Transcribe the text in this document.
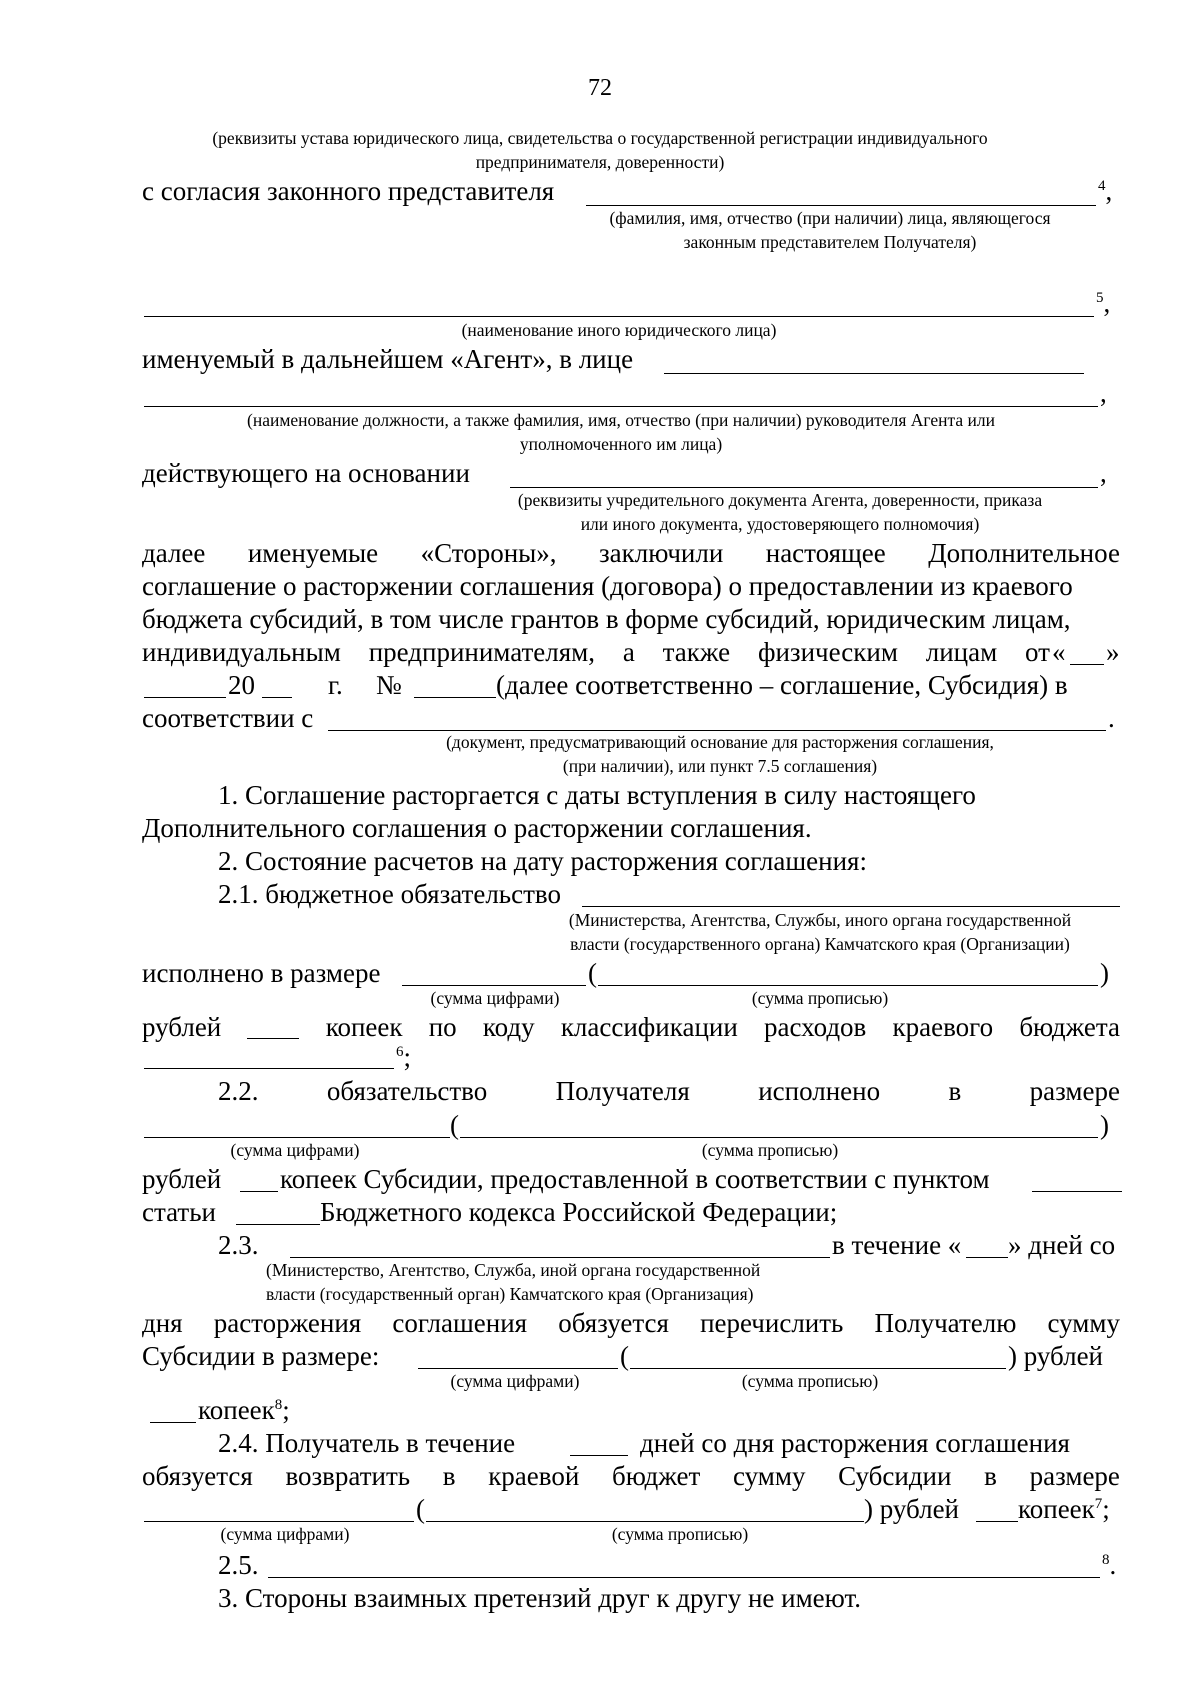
72
(реквизиты устава юридического лица, свидетельства о государственной регистрации индивидуального
предпринимателя, доверенности)
с согласия законного представителя	$^4$,
(фамилия, имя, отчество (при наличии) лица, являющегося
законным представителем Получателя)
$^5$,
(наименование иного юридического лица)
именуемый в дальнейшем «Агент», в лице
,
(наименование должности, а также фамилия, имя, отчество (при наличии) руководителя Агента или
уполномоченного им лица)
действующего на основании	,
(реквизиты учредительного документа Агента, доверенности, приказа
или иного документа, удостоверяющего полномочия)
далее именуемые «Стороны», заключили настоящее Дополнительное
соглашение о расторжении соглашения (договора) о предоставлении из краевого
бюджета субсидий, в том числе грантов в форме субсидий, юридическим лицам,
индивидуальным предпринимателям, а также физическим лицам от « »
20	г. №	(далее соответственно – соглашение, Субсидия) в
соответствии с	.
(документ, предусматривающий основание для расторжения соглашения,
(при наличии), или пункт 7.5 соглашения)
1. Соглашение расторгается с даты вступления в силу настоящего
Дополнительного соглашения о расторжении соглашения.
2. Состояние расчетов на дату расторжения соглашения:
2.1. бюджетное обязательство
(Министерства, Агентства, Службы, иного органа государственной
власти (государственного органа) Камчатского края (Организации)
исполнено в размере	(	)
(сумма цифрами)	(сумма прописью)
рублей	копеек по коду классификации расходов краевого бюджета
$^6$;
2.2.	обязательство	Получателя	исполнено	в	размере
(	)
(сумма цифрами)	(сумма прописью)
рублей копеек Субсидии, предоставленной в соответствии с пунктом
статьи	Бюджетного кодекса Российской Федерации;
2.3.	в течение « » дней со
(Министерство, Агентство, Служба, иной органа государственной
власти (государственный орган) Камчатского края (Организация)
дня расторжения соглашения обязуется перечислить Получателю сумму
Субсидии в размере:	(	) рублей
(сумма цифрами)	(сумма прописью)
копеек$^8$;
2.4. Получатель в течение	дней со дня расторжения соглашения
обязуется возвратить в краевой бюджет сумму Субсидии в размере
(	) рублей копеек$^7$;
(сумма цифрами)	(сумма прописью)
2.5.	$^8$.
3. Стороны взаимных претензий друг к другу не имеют.
